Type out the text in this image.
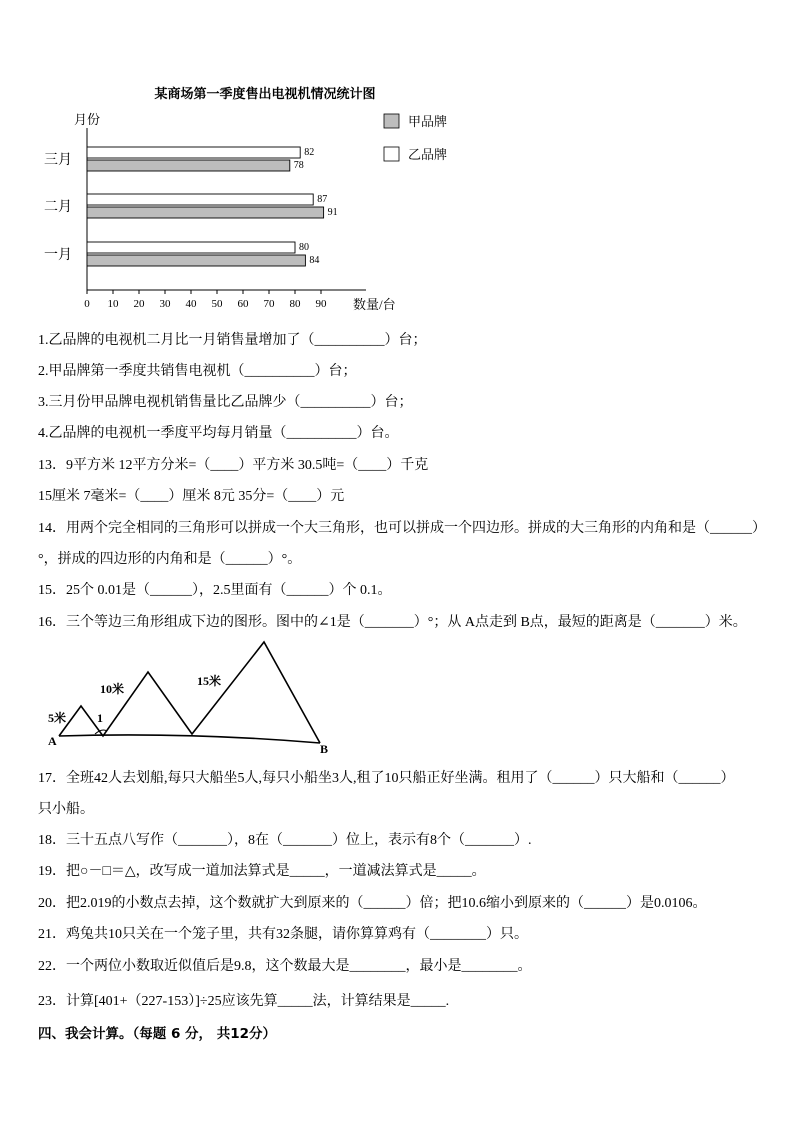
某商场第一季度售出电视机情况统计图
月份
数量/台
0 10 20 30 40 50 60 70 80 90
82
78
87
91
80
84
三月
二月
一月
甲品牌
乙品牌
1.乙品牌的电视机二月比一月销售量增加了（__________）台；
2.甲品牌第一季度共销售电视机（__________）台；
3.三月份甲品牌电视机销售量比乙品牌少（__________）台；
4.乙品牌的电视机一季度平均每月销量（__________）台。
13．9平方米 12平方分米=（____）平方米 30.5吨=（____）千克
15厘米 7毫米=（____）厘米 8元 35分=（____）元
14．用两个完全相同的三角形可以拼成一个大三角形，也可以拼成一个四边形。拼成的大三角形的内角和是（______）
°，拼成的四边形的内角和是（______）°。
15．25个 0.01是（______），2.5里面有（______）个 0.1。
16．三个等边三角形组成下边的图形。图中的∠1是（_______）°；从 A点走到 B点，最短的距离是（_______）米。
A
B
5米
10米
15米
1
17．全班42人去划船,每只大船坐5人,每只小船坐3人,租了10只船正好坐满。租用了（______）只大船和（______）
只小船。
18．三十五点八写作（_______），8在（_______）位上，表示有8个（_______）.
19．把○－□＝△，改写成一道加法算式是_____，一道减法算式是_____。
20．把2.019的小数点去掉，这个数就扩大到原来的（______）倍；把10.6缩小到原来的（______）是0.0106。
21．鸡兔共10只关在一个笼子里，共有32条腿，请你算算鸡有（________）只。
22．一个两位小数取近似值后是9.8，这个数最大是________，最小是________。
23．计算[401+（227-153）]÷25应该先算_____法，计算结果是_____.
四、我会计算。（每题 6 分， 共12分）
